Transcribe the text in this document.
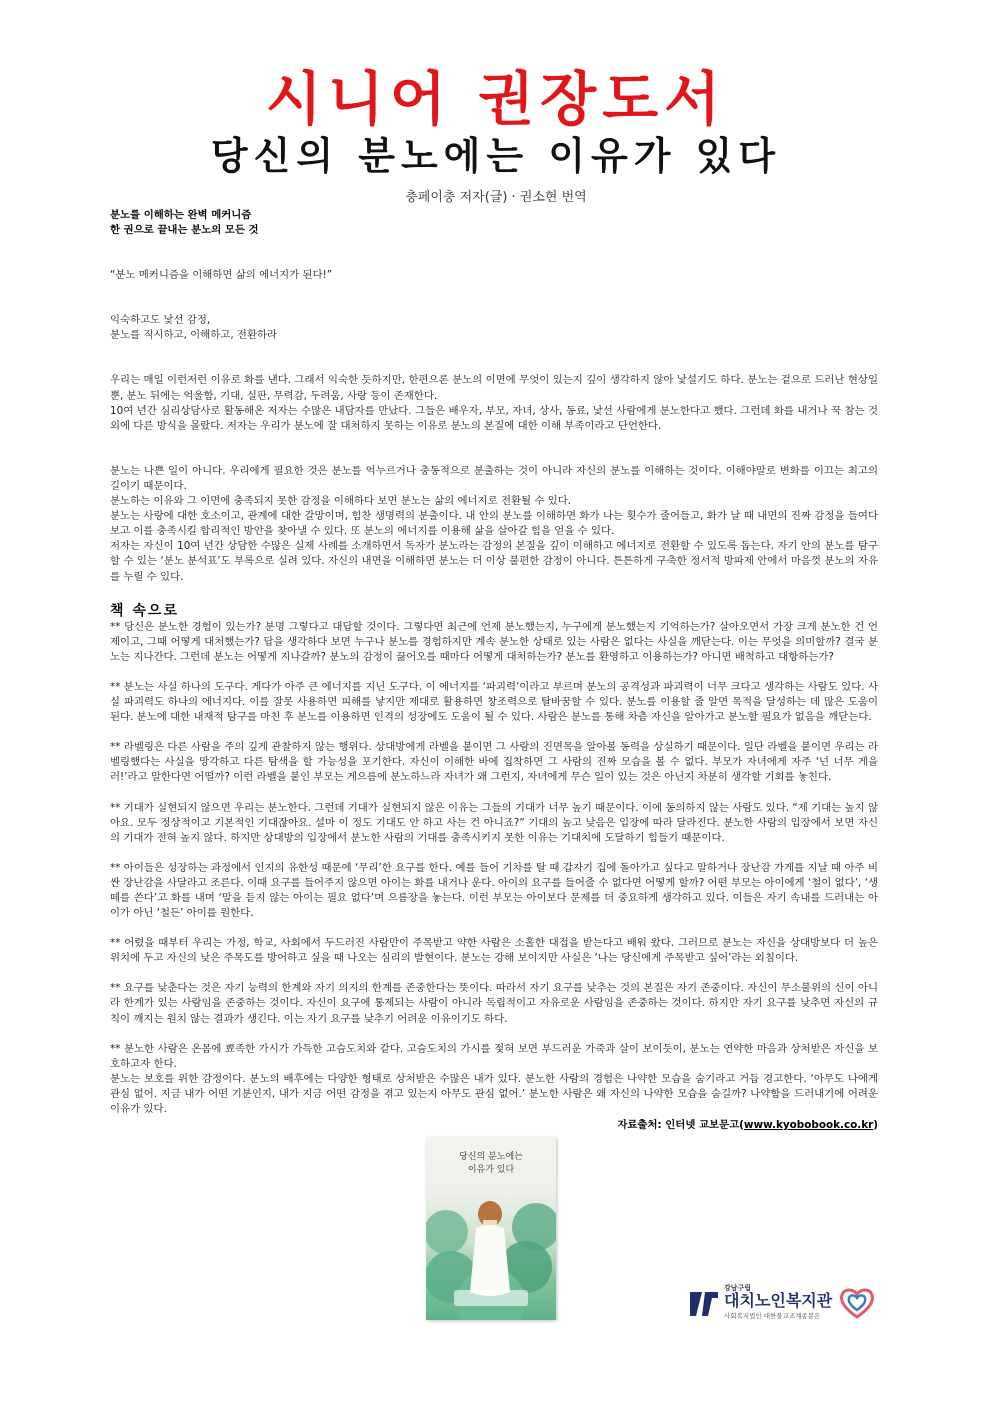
시니어 권장도서
당신의 분노에는 이유가 있다
충페이충 저자(글) · 권소현 번역

분노를 이해하는 완벽 메커니즘

한 권으로 끝내는 분노의 모든 것

“분노 메커니즘을 이해하면 삶의 에너지가 된다!”

익숙하고도 낯선 감정,

분노를 직시하고, 이해하고, 전환하라

우리는 매일 이런저런 이유로 화를 낸다. 그래서 익숙한 듯하지만, 한편으론 분노의 이면에 무엇이 있는지 깊이 생각하지 않아 낯설기도 하다. 분노는 겉으로 드러난 현상일 뿐, 분노 뒤에는 억울함, 기대, 실판, 무력감, 두려움, 사랑 등이 존재한다.

10여 년간 심리상담사로 활동해온 저자는 수많은 내담자를 만났다. 그들은 배우자, 부모, 자녀, 상사, 동료, 낯선 사람에게 분노한다고 했다. 그런데 화를 내거나 꾹 참는 것 외에 다른 방식을 몰랐다. 저자는 우리가 분노에 잘 대처하지 못하는 이유로 분노의 본질에 대한 이해 부족이라고 단언한다.

분노는 나쁜 일이 아니다. 우리에게 필요한 것은 분노를 억누르거나 충동적으로 분출하는 것이 아니라 자신의 분노를 이해하는 것이다. 이해야말로 변화를 이끄는 최고의 길이기 때문이다.

분노하는 이유와 그 이면에 충족되지 못한 감정을 이해하다 보면 분노는 삶의 에너지로 전환될 수 있다.

분노는 사랑에 대한 호소이고, 관계에 대한 갈망이며, 힘찬 생명력의 분출이다. 내 안의 분노를 이해하면 화가 나는 횟수가 줄어들고, 화가 날 때 내면의 진짜 감정을 들여다보고 이를 충족시킬 합리적인 방안을 찾아낼 수 있다. 또 분노의 에너지를 이용해 삶을 살아갈 힘을 얻을 수 있다.

저자는 자신이 10여 년간 상담한 수많은 실제 사례를 소개하면서 독자가 분노라는 감정의 본질을 깊이 이해하고 에너지로 전환할 수 있도록 돕는다. 자기 안의 분노를 탐구할 수 있는 ‘분노 분석표’도 부록으로 실려 있다. 자신의 내면을 이해하면 분노는 더 이상 불편한 감정이 아니다. 튼튼하게 구축한 정서적 방파제 안에서 마음껏 분노의 자유를 누릴 수 있다.

책 속으로

** 당신은 분노한 경험이 있는가? 분명 그렇다고 대답할 것이다. 그렇다면 최근에 언제 분노했는지, 누구에게 분노했는지 기억하는가? 살아오면서 가장 크게 분노한 건 언제이고, 그때 어떻게 대처했는가? 답을 생각하다 보면 누구나 분노를 경험하지만 계속 분노한 상태로 있는 사람은 없다는 사실을 깨닫는다. 이는 무엇을 의미할까? 결국 분노는 지나간다. 그런데 분노는 어떻게 지나갈까? 분노의 감정이 끓어오를 때마다 어떻게 대처하는가? 분노를 환영하고 이용하는가? 아니면 배척하고 대항하는가?

** 분노는 사실 하나의 도구다. 게다가 아주 큰 에너지를 지닌 도구다. 이 에너지를 ‘파괴력’이라고 부르며 분노의 공격성과 파괴력이 너무 크다고 생각하는 사람도 있다. 사실 파괴력도 하나의 에너지다. 이를 잘못 사용하면 피해를 낳지만 제대로 활용하면 창조력으로 탈바꿈할 수 있다. 분노를 이용할 줄 알면 목적을 달성하는 데 많은 도움이 된다. 분노에 대한 내재적 탐구를 마친 후 분노를 이용하면 인격의 성장에도 도움이 될 수 있다. 사람은 분노를 통해 차츰 자신을 알아가고 분노할 필요가 없음을 깨닫는다.

** 라벨링은 다른 사람을 주의 깊게 관찰하지 않는 행위다. 상대방에게 라벨을 붙이면 그 사람의 진면목을 알아볼 동력을 상실하기 때문이다. 일단 라벨을 붙이면 우리는 라벨링했다는 사실을 망각하고 다른 탐색을 할 가능성을 포기한다. 자신이 이해한 바에 집착하면 그 사람의 진짜 모습을 볼 수 없다. 부모가 자녀에게 자주 ‘넌 너무 게을러!’라고 말한다면 어떨까? 이런 라벨을 붙인 부모는 게으름에 분노하느라 자녀가 왜 그런지, 자녀에게 무슨 일이 있는 것은 아닌지 차분히 생각할 기회를 놓친다.

** 기대가 실현되지 않으면 우리는 분노한다. 그런데 기대가 실현되지 않은 이유는 그들의 기대가 너무 높기 때문이다. 이에 동의하지 않는 사람도 있다. “제 기대는 높지 않아요. 모두 정상적이고 기본적인 기대잖아요. 설마 이 정도 기대도 안 하고 사는 건 아니죠?” 기대의 높고 낮음은 입장에 따라 달라진다. 분노한 사람의 입장에서 보면 자신의 기대가 전혀 높지 않다. 하지만 상대방의 입장에서 분노한 사람의 기대를 충족시키지 못한 이유는 기대치에 도달하기 힘들기 때문이다.

** 아이들은 성장하는 과정에서 인지의 유한성 때문에 ‘무리’한 요구를 한다. 예를 들어 기차를 탈 때 갑자기 집에 돌아가고 싶다고 말하거나 장난감 가게를 지날 때 아주 비싼 장난감을 사달라고 조른다. 이때 요구를 들어주지 않으면 아이는 화를 내거나 운다. 아이의 요구를 들어줄 수 없다면 어떻게 할까? 어떤 부모는 아이에게 ‘철이 없다’, ‘생떼를 쓴다’고 화를 내며 ‘말을 듣지 않는 아이는 필요 없다’며 으름장을 놓는다. 이런 부모는 아이보다 문제를 더 중요하게 생각하고 있다. 이들은 자기 속내를 드러내는 아이가 아닌 ‘철든’ 아이를 원한다.

** 어렸을 때부터 우리는 가정, 학교, 사회에서 두드러진 사람만이 주목받고 약한 사람은 소홀한 대접을 받는다고 배워 왔다. 그러므로 분노는 자신을 상대방보다 더 높은 위치에 두고 자신의 낮은 주목도를 방어하고 싶을 때 나오는 심리의 발현이다. 분노는 강해 보이지만 사실은 ‘나는 당신에게 주목받고 싶어’라는 외침이다.

** 요구를 낮춘다는 것은 자기 능력의 한계와 자기 의지의 한계를 존중한다는 뜻이다. 따라서 자기 요구를 낮추는 것의 본질은 자기 존중이다. 자신이 무소불위의 신이 아니라 한계가 있는 사람임을 존중하는 것이다. 자신이 요구에 통제되는 사람이 아니라 독립적이고 자유로운 사람임을 존중하는 것이다. 하지만 자기 요구를 낮추면 자신의 규칙이 깨지는 원치 않는 결과가 생긴다. 이는 자기 요구를 낮추기 어려운 이유이기도 하다.

** 분노한 사람은 온몸에 뾰족한 가시가 가득한 고슴도치와 같다. 고슴도치의 가시를 젖혀 보면 부드러운 가죽과 살이 보이듯이, 분노는 연약한 마음과 상처받은 자신을 보호하고자 한다.

분노는 보호를 위한 감정이다. 분노의 배후에는 다양한 형태로 상처받은 수많은 내가 있다. 분노한 사람의 경험은 나약한 모습을 숨기라고 거듭 경고한다. ‘아무도 나에게 관심 없어. 지금 내가 어떤 기분인지, 내가 지금 어떤 감정을 겪고 있는지 아무도 관심 없어.’ 분노한 사람은 왜 자신의 나약한 모습을 숨길까? 나약함을 드러내기에 어려운 이유가 있다.

자료출처: 인터넷 교보문고(www.kyobobook.co.kr)

당신의 분노에는
이유가 있다
강남구립
대치노인복지관
사회복지법인 대한불교조계종봉은
